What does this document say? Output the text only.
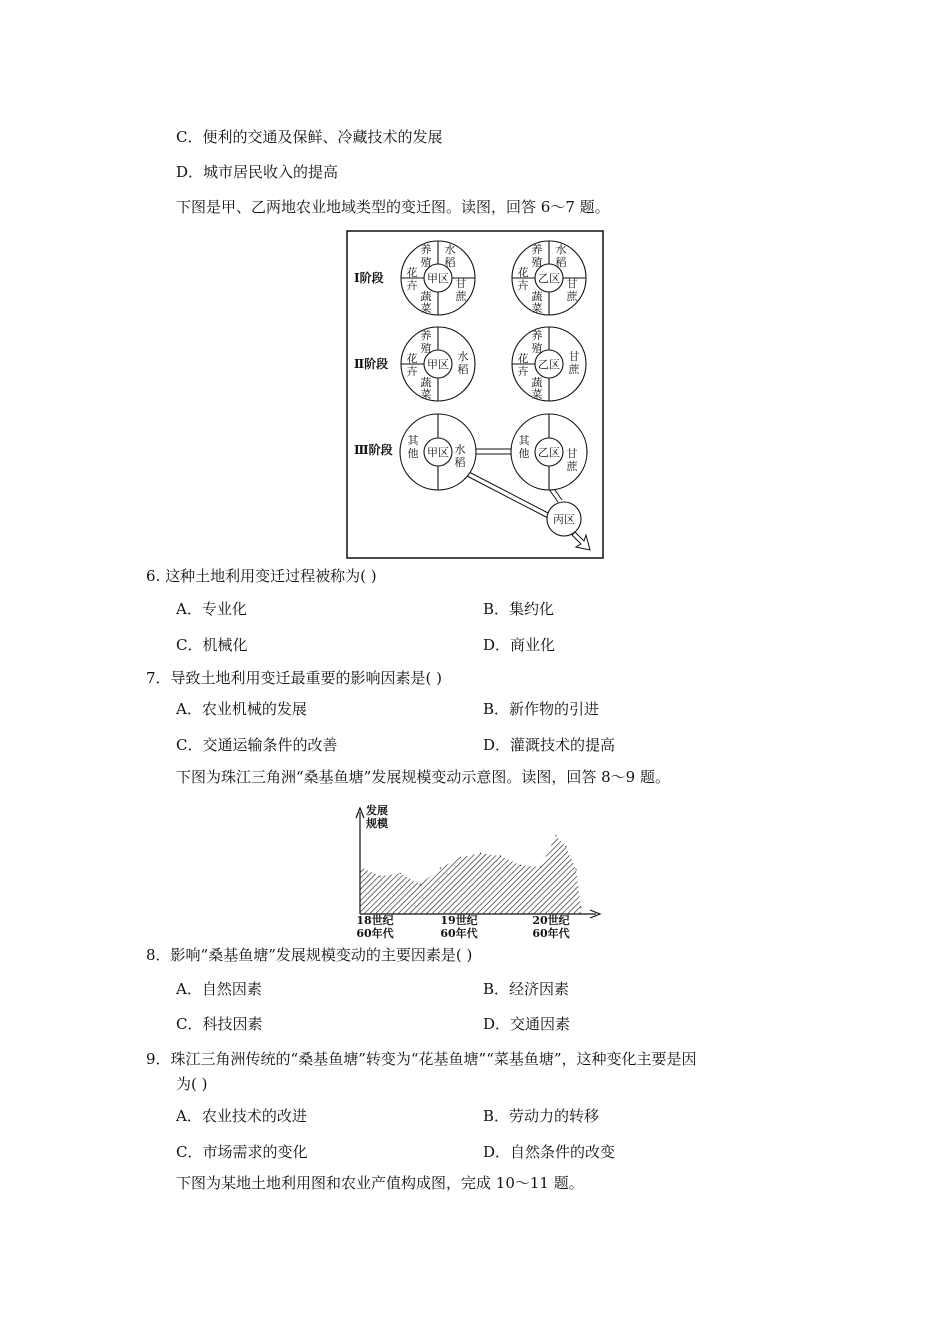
C．便利的交通及保鲜、冷藏技术的发展
D．城市居民收入的提高
下图是甲、乙两地农业地域类型的变迁图。读图，回答 6～7 题。
Ⅰ阶段
Ⅱ阶段
Ⅲ阶段
甲区
养
殖
水
稻
花
卉
蔬
菜
甘
蔗
乙区
养
殖
水
稻
花
卉
蔬
菜
甘
蔗
甲区
养
殖
花
卉
蔬
菜
水
稻	乙区
养
殖
花
卉
蔬
菜
甘
蔗
甲区
其
他	水
稻
乙区
其
他	甘
蔗
丙区
6. 这种土地利用变迁过程被称为( )
A．专业化	B．集约化
C．机械化	D．商业化
7．导致土地利用变迁最重要的影响因素是( )
A．农业机械的发展	B．新作物的引进
C．交通运输条件的改善	D．灌溉技术的提高
下图为珠江三角洲“桑基鱼塘”发展规模变动示意图。读图，回答 8～9 题。
发展
规模
18世纪
60年代
19世纪
60年代
20世纪
60年代
8．影响“桑基鱼塘”发展规模变动的主要因素是( )
A．自然因素	B．经济因素
C．科技因素	D．交通因素
9．珠江三角洲传统的“桑基鱼塘”转变为“花基鱼塘”“菜基鱼塘”，这种变化主要是因
为( )
A．农业技术的改进	B．劳动力的转移
C．市场需求的变化	D．自然条件的改变
下图为某地土地利用图和农业产值构成图，完成 10～11 题。
